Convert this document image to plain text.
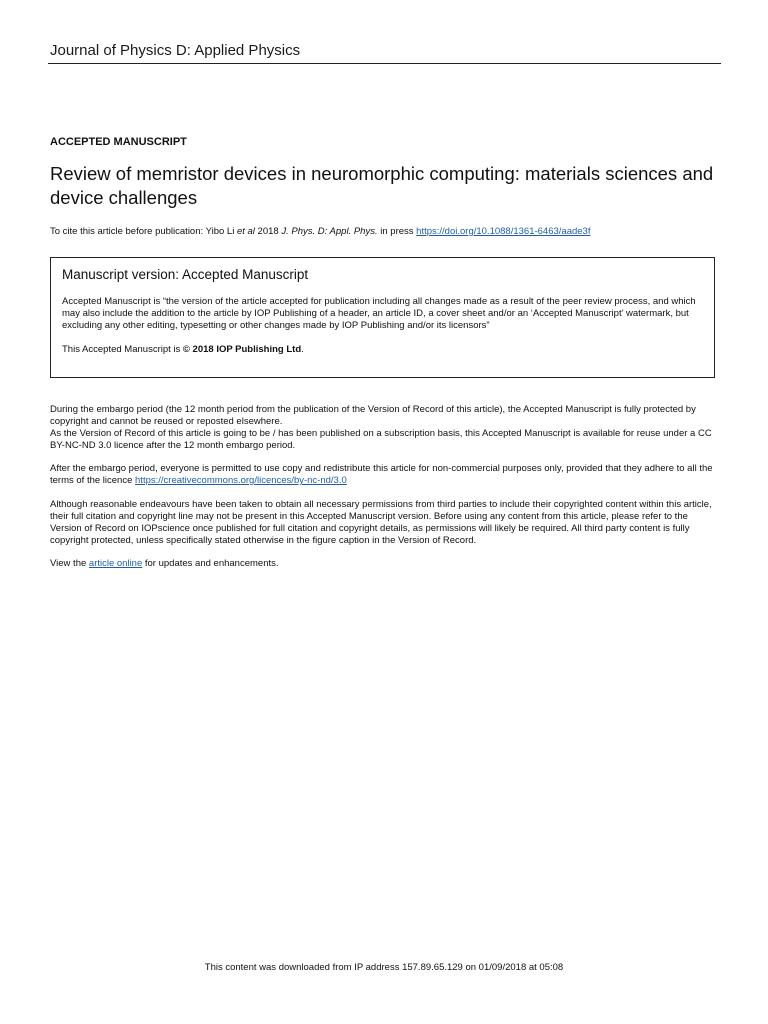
Journal of Physics D: Applied Physics
ACCEPTED MANUSCRIPT
Review of memristor devices in neuromorphic computing: materials sciences and device challenges
To cite this article before publication: Yibo Li et al 2018 J. Phys. D: Appl. Phys. in press https://doi.org/10.1088/1361-6463/aade3f
Manuscript version: Accepted Manuscript
Accepted Manuscript is “the version of the article accepted for publication including all changes made as a result of the peer review process, and which may also include the addition to the article by IOP Publishing of a header, an article ID, a cover sheet and/or an ‘Accepted Manuscript’ watermark, but excluding any other editing, typesetting or other changes made by IOP Publishing and/or its licensors”
This Accepted Manuscript is © 2018 IOP Publishing Ltd.
During the embargo period (the 12 month period from the publication of the Version of Record of this article), the Accepted Manuscript is fully protected by copyright and cannot be reused or reposted elsewhere.
As the Version of Record of this article is going to be / has been published on a subscription basis, this Accepted Manuscript is available for reuse under a CC BY-NC-ND 3.0 licence after the 12 month embargo period.
After the embargo period, everyone is permitted to use copy and redistribute this article for non-commercial purposes only, provided that they adhere to all the terms of the licence https://creativecommons.org/licences/by-nc-nd/3.0
Although reasonable endeavours have been taken to obtain all necessary permissions from third parties to include their copyrighted content within this article, their full citation and copyright line may not be present in this Accepted Manuscript version. Before using any content from this article, please refer to the Version of Record on IOPscience once published for full citation and copyright details, as permissions will likely be required. All third party content is fully copyright protected, unless specifically stated otherwise in the figure caption in the Version of Record.
View the article online for updates and enhancements.
This content was downloaded from IP address 157.89.65.129 on 01/09/2018 at 05:08
